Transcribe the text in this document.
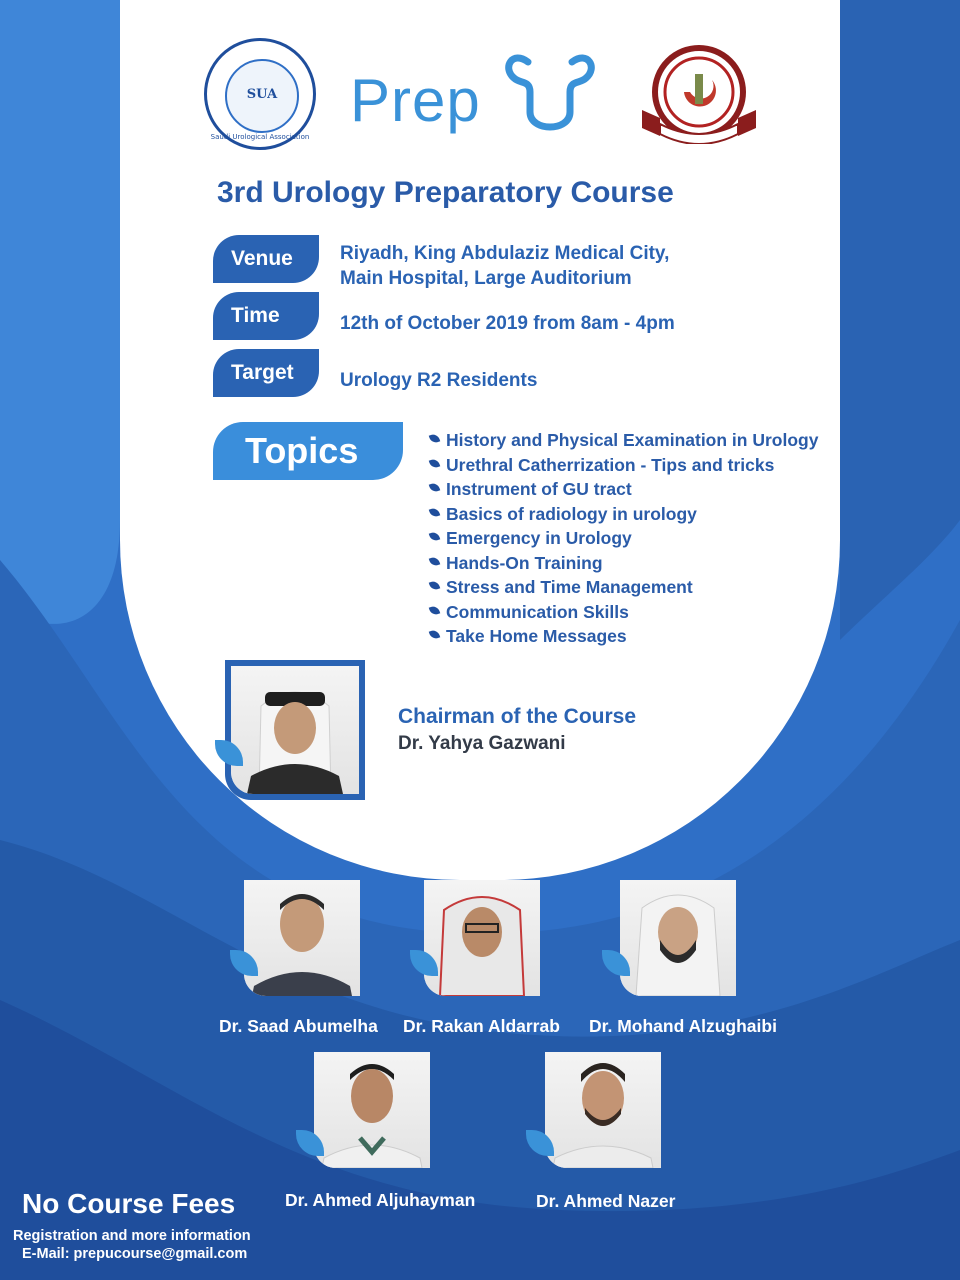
SUA
Saudi Urological Association
Prep
3rd Urology Preparatory Course
Venue	Riyadh, King Abdulaziz Medical City,
Main Hospital, Large Auditorium
Time	12th of October 2019 from 8am - 4pm
Target	Urology R2 Residents
Topics	History and Physical Examination in Urology
Urethral Catherrization - Tips and tricks
Instrument of GU tract
Basics of radiology in urology
Emergency in Urology
Hands-On Training
Stress and Time Management
Communication Skills
Take Home Messages
Chairman of the Course
Dr. Yahya Gazwani
Course Organizers
Dr. Saad Abumelha Dr. Rakan Aldarrab Dr. Mohand Alzughaibi
Dr. Ahmed Aljuhayman	Dr. Ahmed Nazer
No Course Fees
Registration and more information
E-Mail: prepucourse@gmail.com
